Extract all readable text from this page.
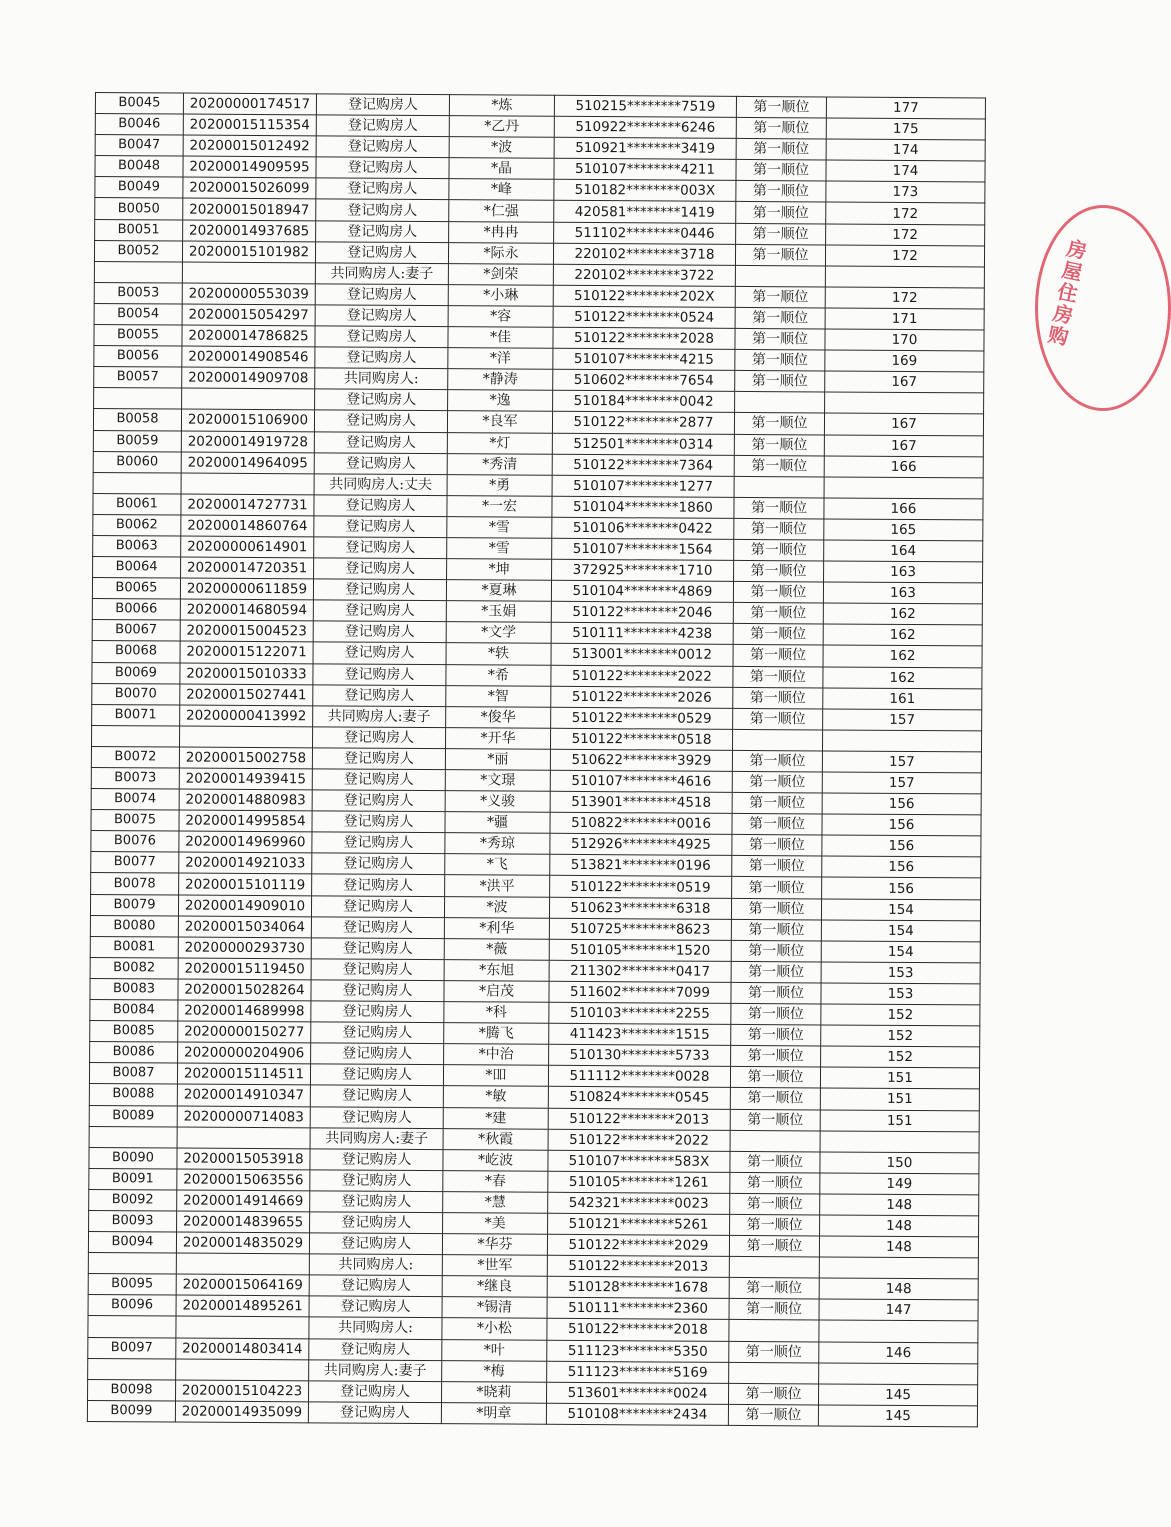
B0045	20200000174517	登记购房人	*炼	510215********7519	第一顺位	177
B0046	20200015115354	登记购房人	*乙丹	510922********6246	第一顺位	175
B0047	20200015012492	登记购房人	*波	510921********3419	第一顺位	174
B0048	20200014909595	登记购房人	*晶	510107********4211	第一顺位	174
B0049	20200015026099	登记购房人	*峰	510182********003X	第一顺位	173
B0050	20200015018947	登记购房人	*仁强	420581********1419	第一顺位	172
B0051	20200014937685	登记购房人	*冉冉	511102********0446	第一顺位	172
B0052	20200015101982	登记购房人	*际永	220102********3718	第一顺位	172
		共同购房人:妻子	*剑荣	220102********3722		
B0053	20200000553039	登记购房人	*小琳	510122********202X	第一顺位	172
B0054	20200015054297	登记购房人	*容	510122********0524	第一顺位	171
B0055	20200014786825	登记购房人	*佳	510122********2028	第一顺位	170
B0056	20200014908546	登记购房人	*洋	510107********4215	第一顺位	169
B0057	20200014909708	共同购房人:	*静涛	510602********7654	第一顺位	167
		登记购房人	*逸	510184********0042		
B0058	20200015106900	登记购房人	*良军	510122********2877	第一顺位	167
B0059	20200014919728	登记购房人	*灯	512501********0314	第一顺位	167
B0060	20200014964095	登记购房人	*秀清	510122********7364	第一顺位	166
		共同购房人:丈夫	*勇	510107********1277		
B0061	20200014727731	登记购房人	*一宏	510104********1860	第一顺位	166
B0062	20200014860764	登记购房人	*雪	510106********0422	第一顺位	165
B0063	20200000614901	登记购房人	*雪	510107********1564	第一顺位	164
B0064	20200014720351	登记购房人	*坤	372925********1710	第一顺位	163
B0065	20200000611859	登记购房人	*夏琳	510104********4869	第一顺位	163
B0066	20200014680594	登记购房人	*玉娟	510122********2046	第一顺位	162
B0067	20200015004523	登记购房人	*文学	510111********4238	第一顺位	162
B0068	20200015122071	登记购房人	*轶	513001********0012	第一顺位	162
B0069	20200015010333	登记购房人	*希	510122********2022	第一顺位	162
B0070	20200015027441	登记购房人	*智	510122********2026	第一顺位	161
B0071	20200000413992	共同购房人:妻子	*俊华	510122********0529	第一顺位	157
		登记购房人	*开华	510122********0518		
B0072	20200015002758	登记购房人	*丽	510622********3929	第一顺位	157
B0073	20200014939415	登记购房人	*文璟	510107********4616	第一顺位	157
B0074	20200014880983	登记购房人	*义骏	513901********4518	第一顺位	156
B0075	20200014995854	登记购房人	*疆	510822********0016	第一顺位	156
B0076	20200014969960	登记购房人	*秀琼	512926********4925	第一顺位	156
B0077	20200014921033	登记购房人	*飞	513821********0196	第一顺位	156
B0078	20200015101119	登记购房人	*洪平	510122********0519	第一顺位	156
B0079	20200014909010	登记购房人	*波	510623********6318	第一顺位	154
B0080	20200015034064	登记购房人	*利华	510725********8623	第一顺位	154
B0081	20200000293730	登记购房人	*薇	510105********1520	第一顺位	154
B0082	20200015119450	登记购房人	*东旭	211302********0417	第一顺位	153
B0083	20200015028264	登记购房人	*启茂	511602********7099	第一顺位	153
B0084	20200014689998	登记购房人	*科	510103********2255	第一顺位	152
B0085	20200000150277	登记购房人	*腾飞	411423********1515	第一顺位	152
B0086	20200000204906	登记购房人	*中治	510130********5733	第一顺位	152
B0087	20200015114511	登记购房人	*吅	511112********0028	第一顺位	151
B0088	20200014910347	登记购房人	*敏	510824********0545	第一顺位	151
B0089	20200000714083	登记购房人	*建	510122********2013	第一顺位	151
		共同购房人:妻子	*秋霞	510122********2022		
B0090	20200015053918	登记购房人	*屹波	510107********583X	第一顺位	150
B0091	20200015063556	登记购房人	*春	510105********1261	第一顺位	149
B0092	20200014914669	登记购房人	*慧	542321********0023	第一顺位	148
B0093	20200014839655	登记购房人	*美	510121********5261	第一顺位	148
B0094	20200014835029	登记购房人	*华芬	510122********2029	第一顺位	148
		共同购房人:	*世军	510122********2013		
B0095	20200015064169	登记购房人	*继良	510128********1678	第一顺位	148
B0096	20200014895261	登记购房人	*锡清	510111********2360	第一顺位	147
		共同购房人:	*小松	510122********2018		
B0097	20200014803414	登记购房人	*叶	511123********5350	第一顺位	146
		共同购房人:妻子	*梅	511123********5169		
B0098	20200015104223	登记购房人	*晓莉	513601********0024	第一顺位	145
B0099	20200014935099	登记购房人	*明章	510108********2434	第一顺位	145
房屋住房购
